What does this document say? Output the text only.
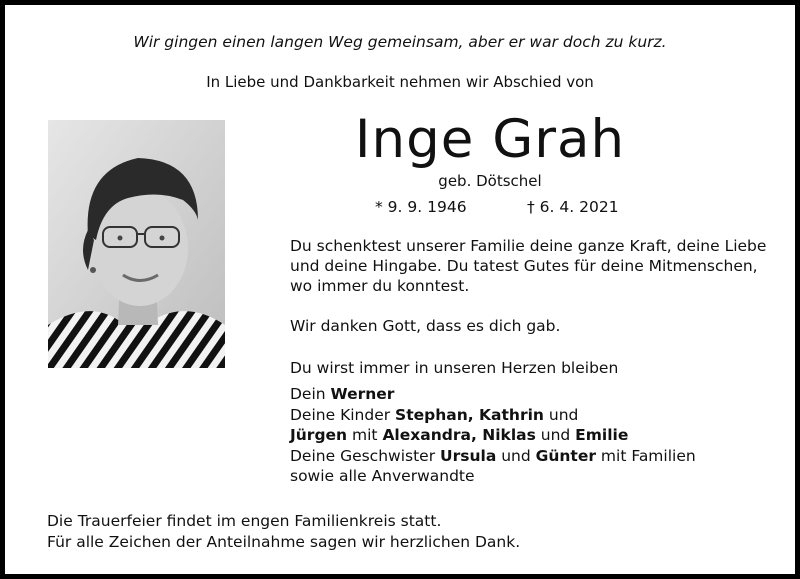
Wir gingen einen langen Weg gemeinsam, aber er war doch zu kurz.
In Liebe und Dankbarkeit nehmen wir Abschied von
Inge Grah
geb. Dötschel
* 9. 9. 1946	† 6. 4. 2021

Du schenktest unserer Familie deine ganze Kraft, deine Liebe und deine Hingabe. Du tatest Gutes für deine Mitmenschen, wo immer du konntest.

Wir danken Gott, dass es dich gab.

Du wirst immer in unseren Herzen bleiben

Dein Werner
Deine Kinder Stephan, Kathrin und
Jürgen mit Alexandra, Niklas und Emilie
Deine Geschwister Ursula und Günter mit Familien
sowie alle Anverwandte
Die Trauerfeier findet im engen Familienkreis statt.
Für alle Zeichen der Anteilnahme sagen wir herzlichen Dank.
